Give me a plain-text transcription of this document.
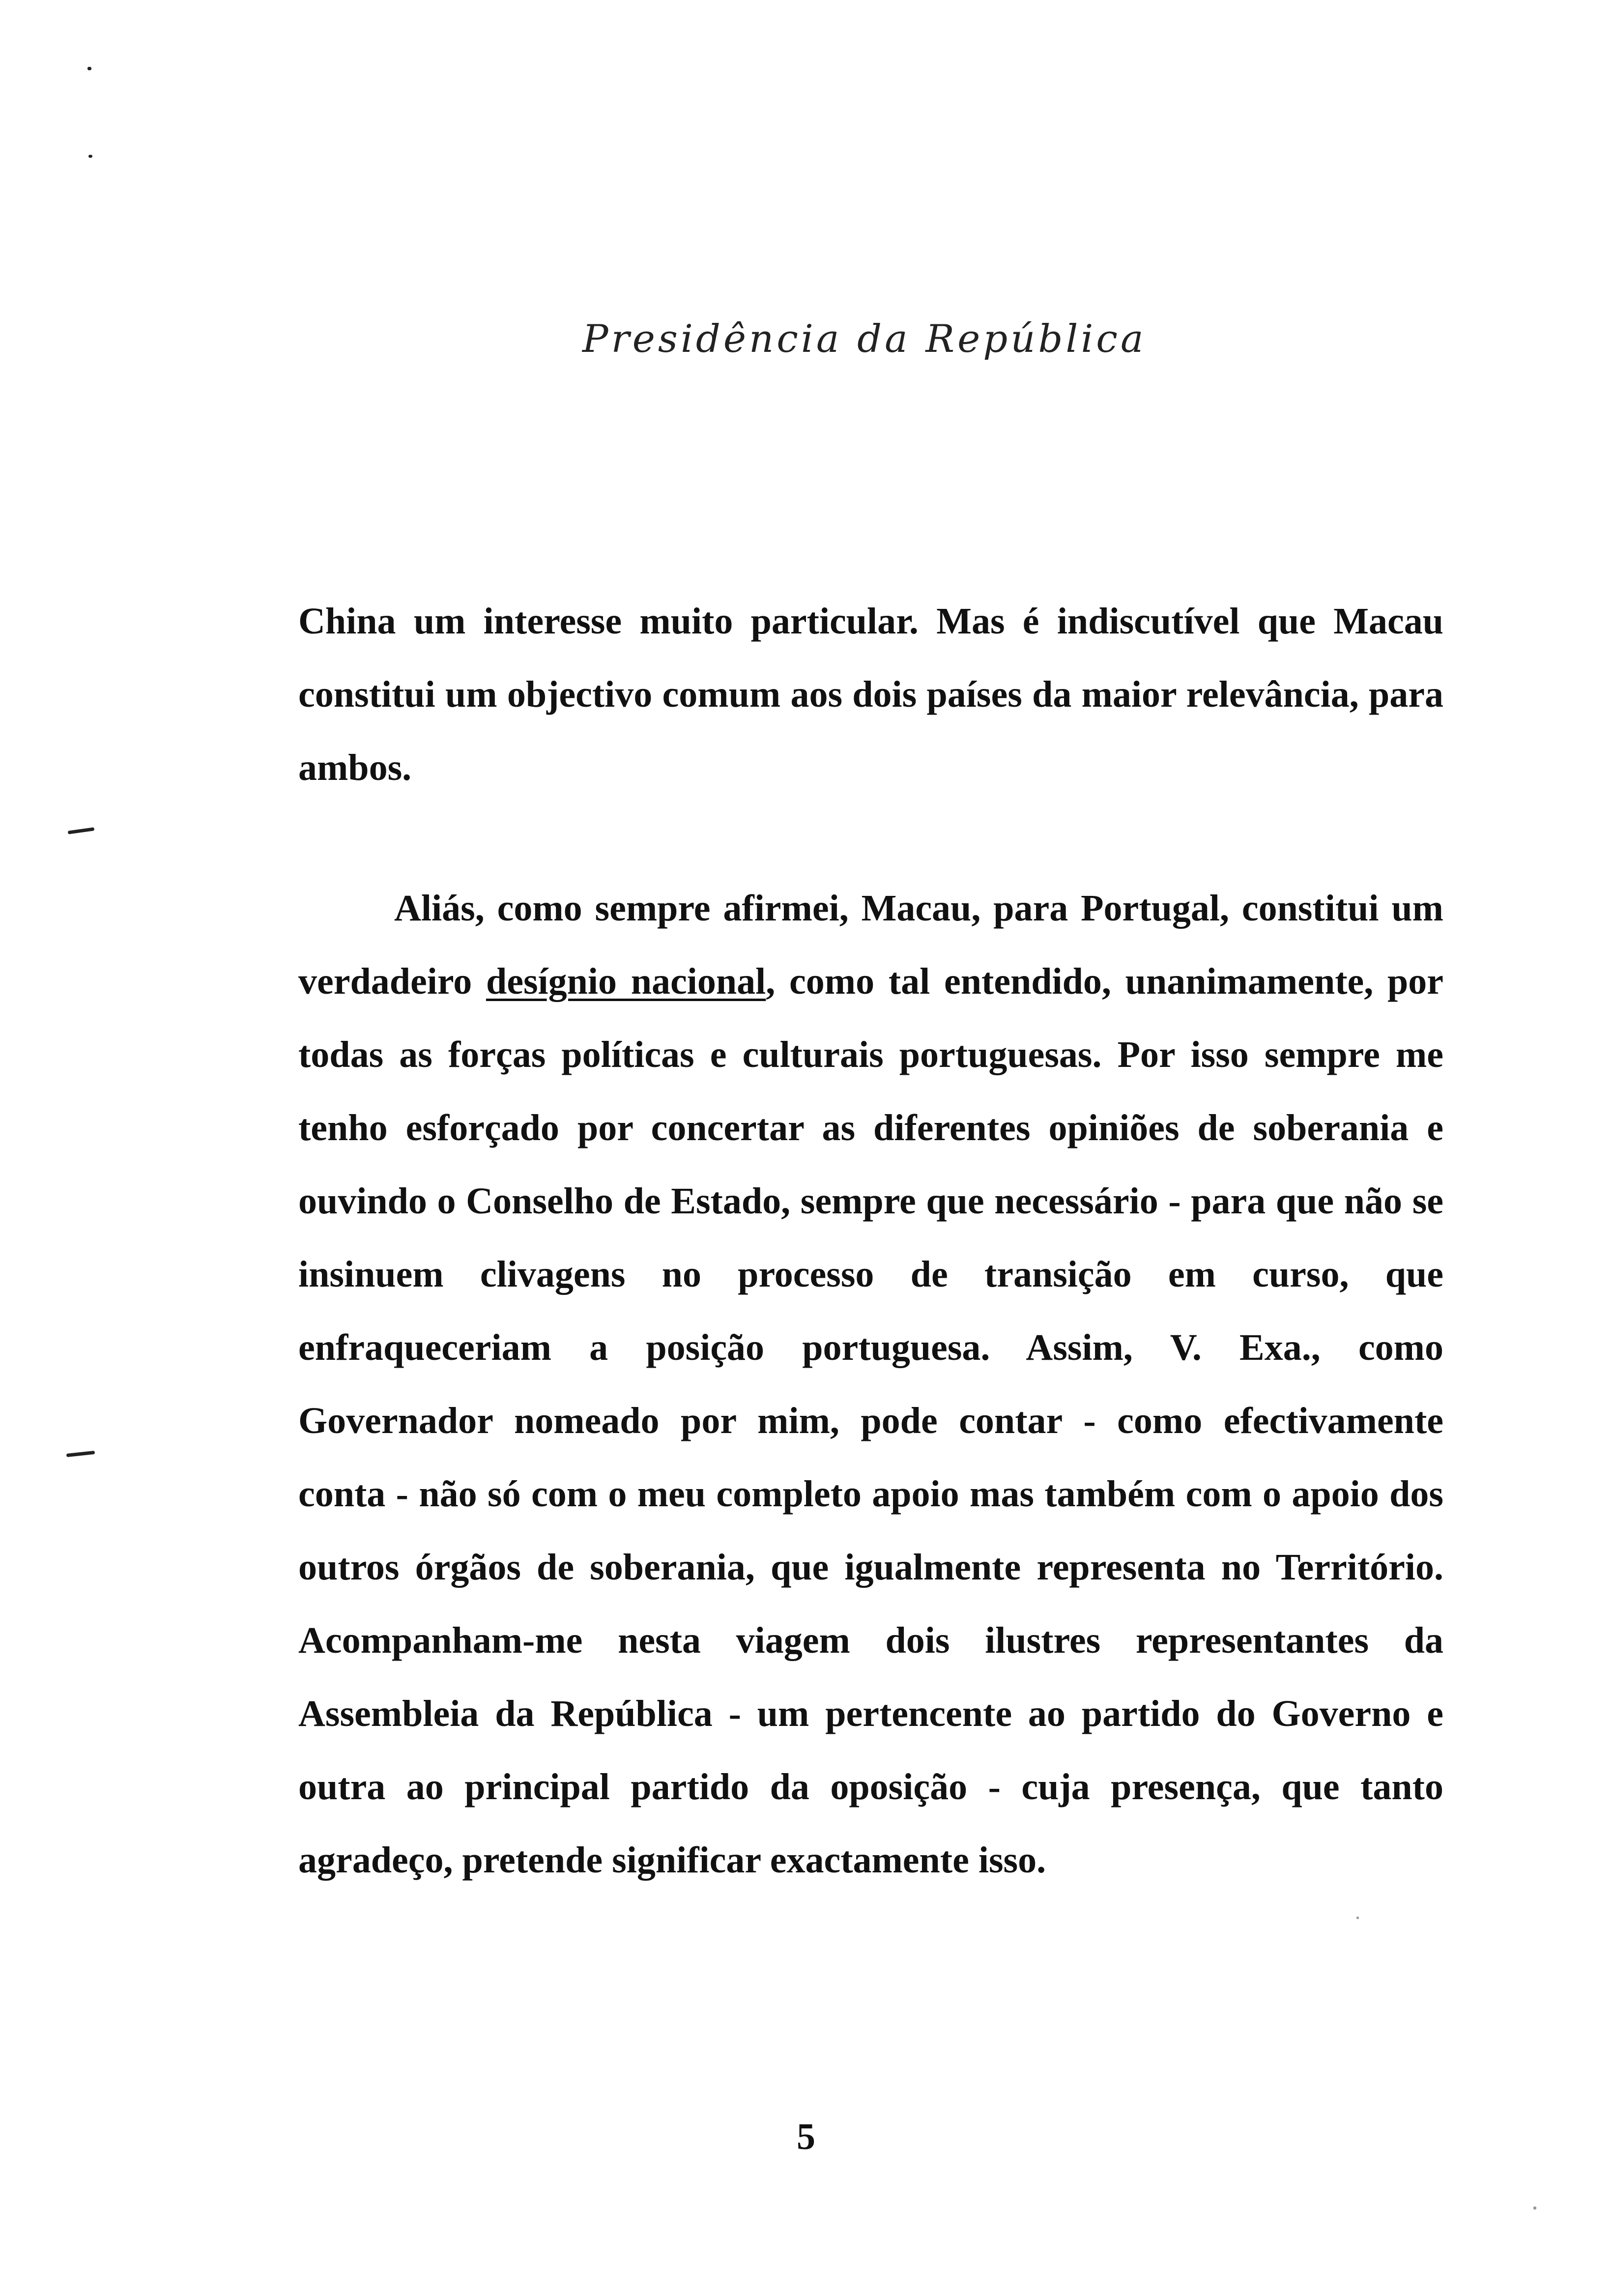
Presidência da República

China um interesse muito particular. Mas é indiscutível que Macau constitui um objectivo comum aos dois países da maior relevância, para ambos.

Aliás, como sempre afirmei, Macau, para Portugal, constitui um verdadeiro desígnio nacional, como tal entendido, unanimamente, por todas as forças políticas e culturais portuguesas. Por isso sempre me tenho esforçado por concertar as diferentes opiniões de soberania e ouvindo o Conselho de Estado, sempre que necessário - para que não se insinuem clivagens no processo de transição em curso, que enfraqueceriam a posição portuguesa. Assim, V. Exa., como Governador nomeado por mim, pode contar - como efectivamente conta - não só com o meu completo apoio mas também com o apoio dos outros órgãos de soberania, que igualmente representa no Território. Acompanham-me nesta viagem dois ilustres representantes da Assembleia da República - um pertencente ao partido do Governo e outra ao principal partido da oposição - cuja presença, que tanto agradeço, pretende significar exactamente isso.

5
